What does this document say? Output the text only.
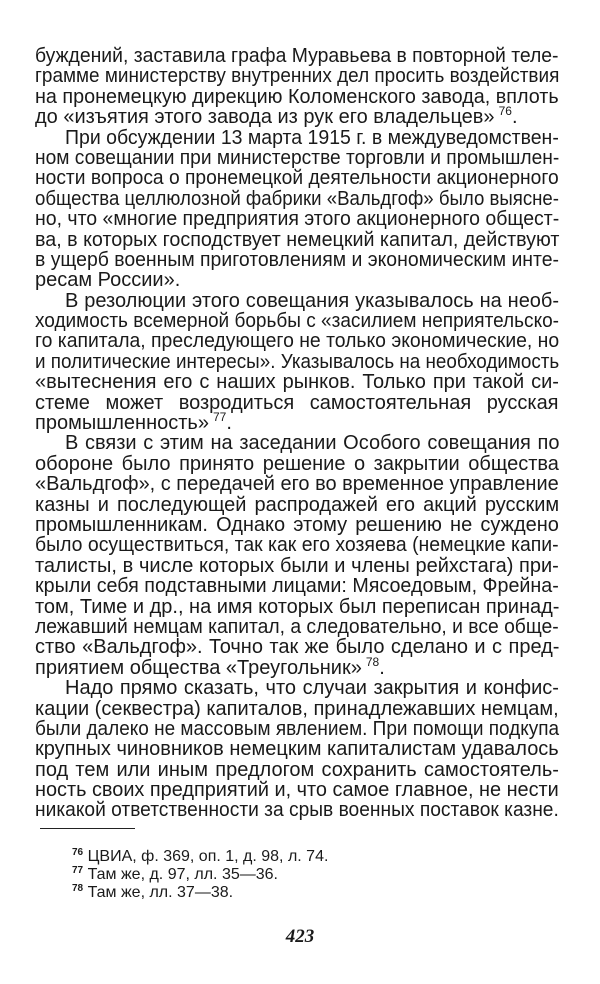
буждений, заставила графа Муравьева в повторной теле-
грамме министерству внутренних дел просить воздействия
на пронемецкую дирекцию Коломенского завода, вплоть
до «изъятия этого завода из рук его владельцев»  $^{76}$.
При обсуждении 13 марта 1915 г. в междуведомствен-
ном совещании при министерстве торговли и промышлен-
ности вопроса о пронемецкой деятельности акционерного
общества целлюлозной фабрики «Вальдгоф» было выясне-
но, что «многие предприятия этого акционерного общест-
ва, в которых господствует немецкий капитал, действуют
в ущерб военным приготовлениям и экономическим инте-
ресам России».
В резолюции этого совещания указывалось на необ-
ходимость всемерной борьбы с «засилием неприятельско-
го капитала, преследующего не только экономические, но
и политические интересы». Указывалось на необходимость
«вытеснения его с наших рынков. Только при такой си-
стеме может возродиться самостоятельная русская
промышленность»  $^{77}$.
В связи с этим на заседании Особого совещания по
обороне было принято решение о закрытии общества
«Вальдгоф», с передачей его во временное управление
казны и последующей распродажей его акций русским
промышленникам. Однако этому решению не суждено
было осуществиться, так как его хозяева (немецкие капи-
талисты, в числе которых были и члены рейхстага) при-
крыли себя подставными лицами: Мясоедовым, Фрейна-
том, Тиме и др., на имя которых был переписан принад-
лежавший немцам капитал, а следовательно, и все обще-
ство «Вальдгоф». Точно так же было сделано и с пред-
приятием общества «Треугольник»  $^{78}$.
Надо прямо сказать, что случаи закрытия и конфис-
кации (секвестра) капиталов, принадлежавших немцам,
были далеко не массовым явлением. При помощи подкупа
крупных чиновников немецким капиталистам удавалось
под тем или иным предлогом сохранить самостоятель-
ность своих предприятий и, что самое главное, не нести
никакой ответственности за срыв военных поставок казне.
$^{76}$ ЦВИА, ф. 369, оп. 1, д. 98, л. 74.
$^{77}$ Там же, д. 97, лл. 35—36.
$^{78}$ Там же, лл. 37—38.
423
